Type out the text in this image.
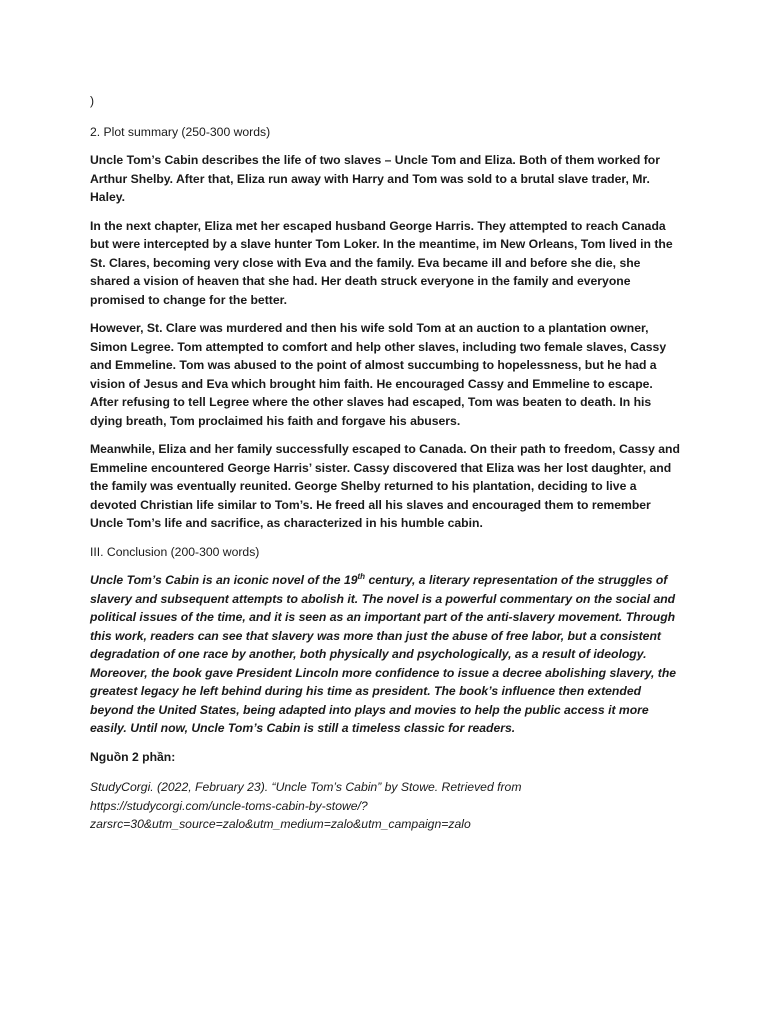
)

2. Plot summary (250-300 words)

Uncle Tom’s Cabin describes the life of two slaves – Uncle Tom and Eliza. Both of them worked for Arthur Shelby. After that, Eliza run away with Harry and Tom was sold to a brutal slave trader, Mr. Haley.

In the next chapter, Eliza met her escaped husband George Harris. They attempted to reach Canada but were intercepted by a slave hunter Tom Loker. In the meantime, im New Orleans, Tom lived in the St. Clares, becoming very close with Eva and the family. Eva became ill and before she die, she shared a vision of heaven that she had. Her death struck everyone in the family and everyone promised to change for the better.

However, St. Clare was murdered and then his wife sold Tom at an auction to a plantation owner, Simon Legree. Tom attempted to comfort and help other slaves, including two female slaves, Cassy and Emmeline. Tom was abused to the point of almost succumbing to hopelessness, but he had a vision of Jesus and Eva which brought him faith. He encouraged Cassy and Emmeline to escape. After refusing to tell Legree where the other slaves had escaped, Tom was beaten to death. In his dying breath, Tom proclaimed his faith and forgave his abusers.

Meanwhile, Eliza and her family successfully escaped to Canada. On their path to freedom, Cassy and Emmeline encountered George Harris’ sister. Cassy discovered that Eliza was her lost daughter, and the family was eventually reunited. George Shelby returned to his plantation, deciding to live a devoted Christian life similar to Tom’s. He freed all his slaves and encouraged them to remember Uncle Tom’s life and sacrifice, as characterized in his humble cabin.

III. Conclusion (200-300 words)

Uncle Tom’s Cabin is an iconic novel of the 19th century, a literary representation of the struggles of slavery and subsequent attempts to abolish it. The novel is a powerful commentary on the social and political issues of the time, and it is seen as an important part of the anti-slavery movement. Through this work, readers can see that slavery was more than just the abuse of free labor, but a consistent degradation of one race by another, both physically and psychologically, as a result of ideology. Moreover, the book gave President Lincoln more confidence to issue a decree abolishing slavery, the greatest legacy he left behind during his time as president. The book’s influence then extended beyond the United States, being adapted into plays and movies to help the public access it more easily. Until now, Uncle Tom’s Cabin is still a timeless classic for readers.

Nguồn 2 phần:

StudyCorgi. (2022, February 23). “Uncle Tom’s Cabin” by Stowe. Retrieved from
https://studycorgi.com/uncle-toms-cabin-by-stowe/?
zarsrc=30&utm_source=zalo&utm_medium=zalo&utm_campaign=zalo
